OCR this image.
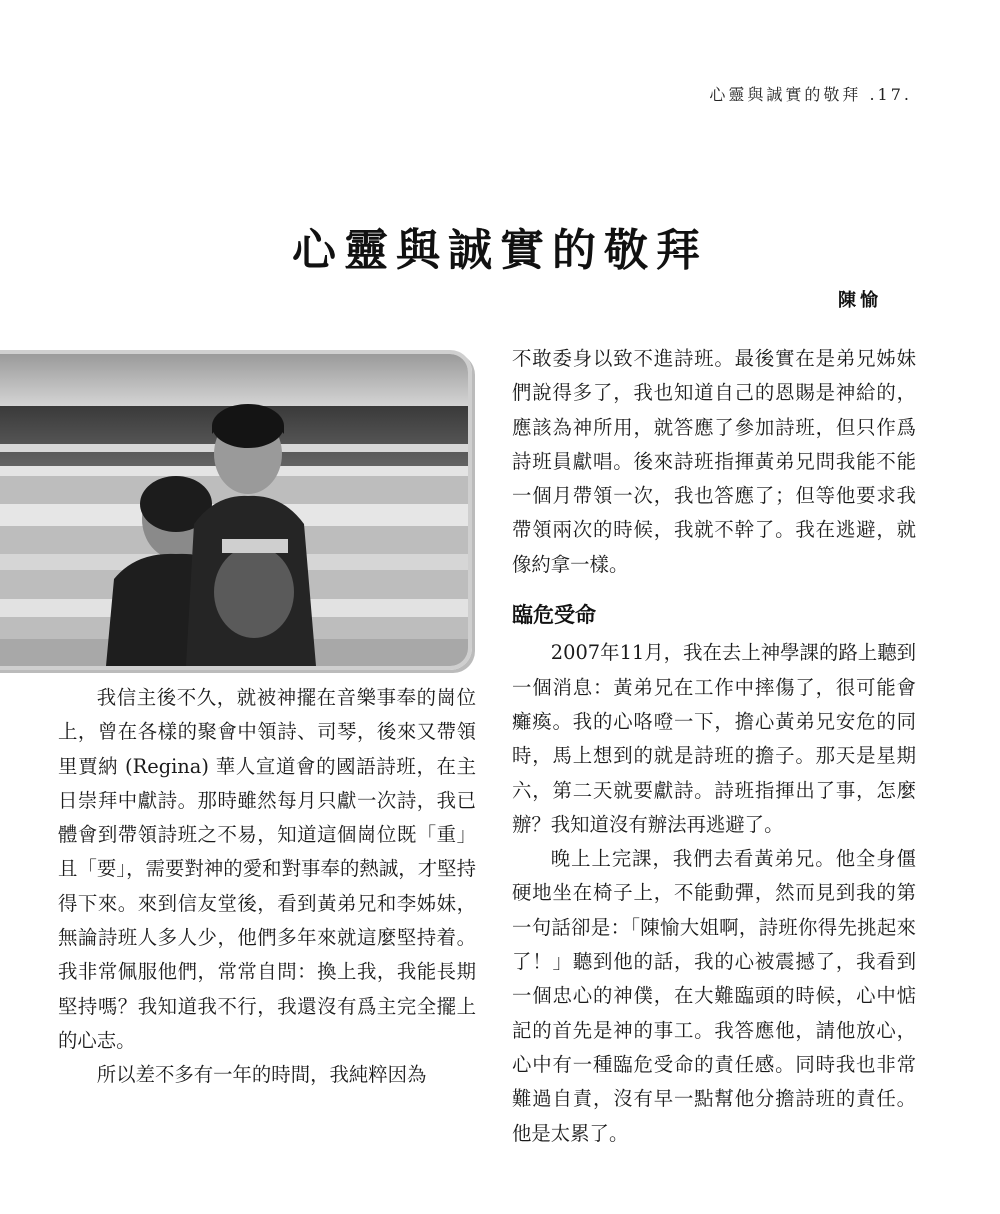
心靈與誠實的敬拜 .17.
心靈與誠實的敬拜
陳愉

我信主後不久，就被神擺在音樂事奉的崗位上，曾在各樣的聚會中領詩、司琴，後來又帶領里賈納 (Regina) 華人宣道會的國語詩班，在主日崇拜中獻詩。那時雖然每月只獻一次詩，我已體會到帶領詩班之不易，知道這個崗位既「重」且「要」，需要對神的愛和對事奉的熱誠，才堅持得下來。來到信友堂後，看到黃弟兄和李姊妹，無論詩班人多人少，他們多年來就這麼堅持着。我非常佩服他們，常常自問：換上我，我能長期堅持嗎？我知道我不行，我還沒有爲主完全擺上的心志。

所以差不多有一年的時間，我純粹因為

不敢委身以致不進詩班。最後實在是弟兄姊妹們說得多了，我也知道自己的恩賜是神給的，應該為神所用，就答應了參加詩班，但只作爲詩班員獻唱。後來詩班指揮黃弟兄問我能不能一個月帶領一次，我也答應了；但等他要求我帶領兩次的時候，我就不幹了。我在逃避，就像約拿一樣。

臨危受命

2007年11月，我在去上神學課的路上聽到一個消息：黃弟兄在工作中摔傷了，很可能會癱瘓。我的心咯噔一下，擔心黃弟兄安危的同時，馬上想到的就是詩班的擔子。那天是星期六，第二天就要獻詩。詩班指揮出了事，怎麼辦？我知道沒有辦法再逃避了。

晚上上完課，我們去看黃弟兄。他全身僵硬地坐在椅子上，不能動彈，然而見到我的第一句話卻是：「陳愉大姐啊，詩班你得先挑起來了！」聽到他的話，我的心被震撼了，我看到一個忠心的神僕，在大難臨頭的時候，心中惦記的首先是神的事工。我答應他，請他放心，心中有一種臨危受命的責任感。同時我也非常難過自責，沒有早一點幫他分擔詩班的責任。他是太累了。
